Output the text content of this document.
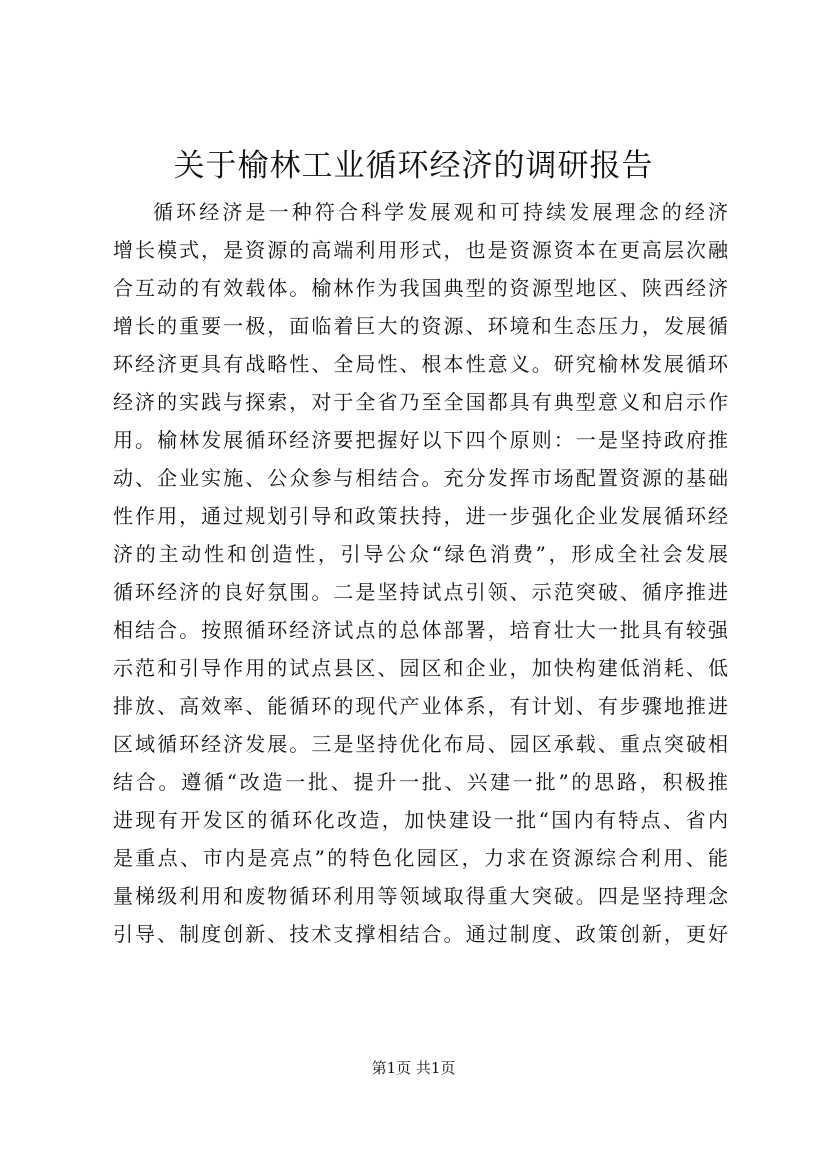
关于榆林工业循环经济的调研报告
循环经济是一种符合科学发展观和可持续发展理念的经济
增长模式，是资源的高端利用形式，也是资源资本在更高层次融
合互动的有效载体。榆林作为我国典型的资源型地区、陕西经济
增长的重要一极，面临着巨大的资源、环境和生态压力，发展循
环经济更具有战略性、全局性、根本性意义。研究榆林发展循环
经济的实践与探索，对于全省乃至全国都具有典型意义和启示作
用。榆林发展循环经济要把握好以下四个原则：一是坚持政府推
动、企业实施、公众参与相结合。充分发挥市场配置资源的基础
性作用，通过规划引导和政策扶持，进一步强化企业发展循环经
济的主动性和创造性，引导公众“绿色消费”，形成全社会发展
循环经济的良好氛围。二是坚持试点引领、示范突破、循序推进
相结合。按照循环经济试点的总体部署，培育壮大一批具有较强
示范和引导作用的试点县区、园区和企业，加快构建低消耗、低
排放、高效率、能循环的现代产业体系，有计划、有步骤地推进
区域循环经济发展。三是坚持优化布局、园区承载、重点突破相
结合。遵循“改造一批、提升一批、兴建一批”的思路，积极推
进现有开发区的循环化改造，加快建设一批“国内有特点、省内
是重点、市内是亮点”的特色化园区，力求在资源综合利用、能
量梯级利用和废物循环利用等领域取得重大突破。四是坚持理念
引导、制度创新、技术支撑相结合。通过制度、政策创新，更好
第1页 共1页
